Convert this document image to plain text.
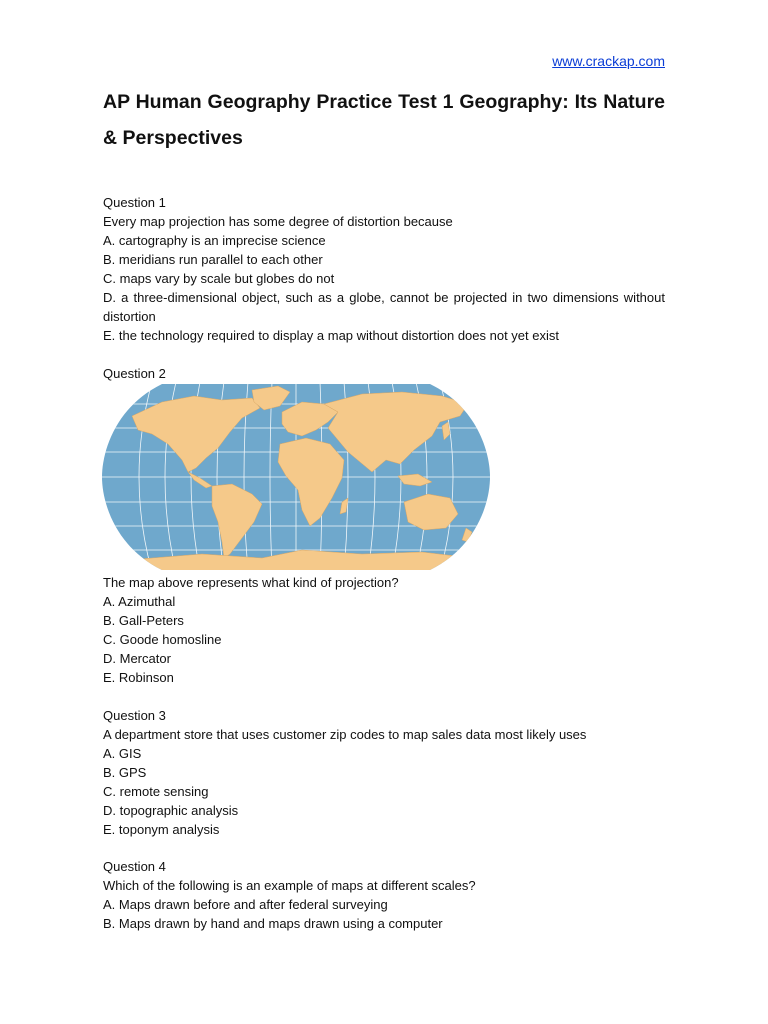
www.crackap.com
AP Human Geography Practice Test 1 Geography: Its Nature & Perspectives

Question 1

Every map projection has some degree of distortion because

A. cartography is an imprecise science

B. meridians run parallel to each other

C. maps vary by scale but globes do not

D. a three-dimensional object, such as a globe, cannot be projected in two dimensions without distortion

E. the technology required to display a map without distortion does not yet exist

Question 2

The map above represents what kind of projection?

A. Azimuthal

B. Gall-Peters

C. Goode homosline

D. Mercator

E. Robinson

Question 3

A department store that uses customer zip codes to map sales data most likely uses

A. GIS

B. GPS

C. remote sensing

D. topographic analysis

E. toponym analysis

Question 4

Which of the following is an example of maps at different scales?

A. Maps drawn before and after federal surveying

B. Maps drawn by hand and maps drawn using a computer
